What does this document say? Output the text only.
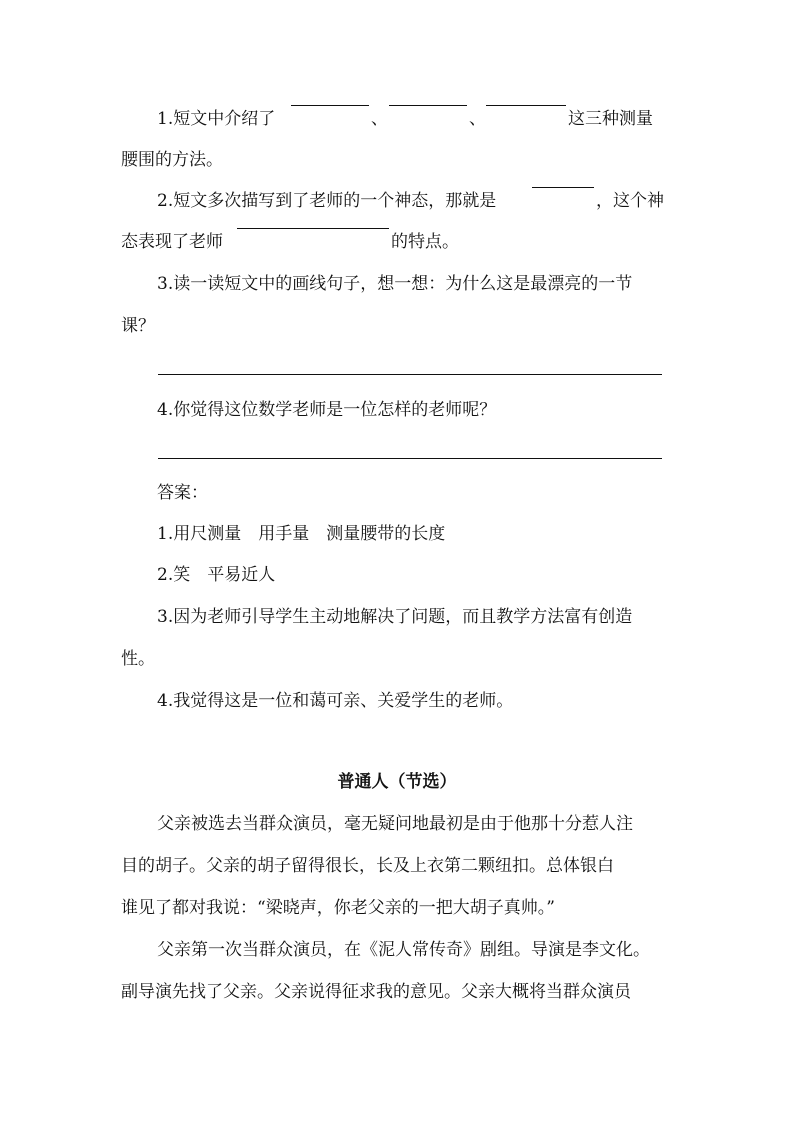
1.短文中介绍了	、	、	这三种测量
腰围的方法。
2.短文多次描写到了老师的一个神态，那就是	，这个神
态表现了老师	的特点。
3.读一读短文中的画线句子，想一想：为什么这是最漂亮的一节
课？
4.你觉得这位数学老师是一位怎样的老师呢？
答案：
1.用尺测量　用手量　测量腰带的长度
2.笑　平易近人
3.因为老师引导学生主动地解决了问题，而且教学方法富有创造
性。
4.我觉得这是一位和蔼可亲、关爱学生的老师。
普通人（节选）
父亲被选去当群众演员，毫无疑问地最初是由于他那十分惹人注
目的胡子。父亲的胡子留得很长，长及上衣第二颗纽扣。总体银白
谁见了都对我说：“梁晓声，你老父亲的一把大胡子真帅。”
父亲第一次当群众演员，在《泥人常传奇》剧组。导演是李文化。
副导演先找了父亲。父亲说得征求我的意见。父亲大概将当群众演员
